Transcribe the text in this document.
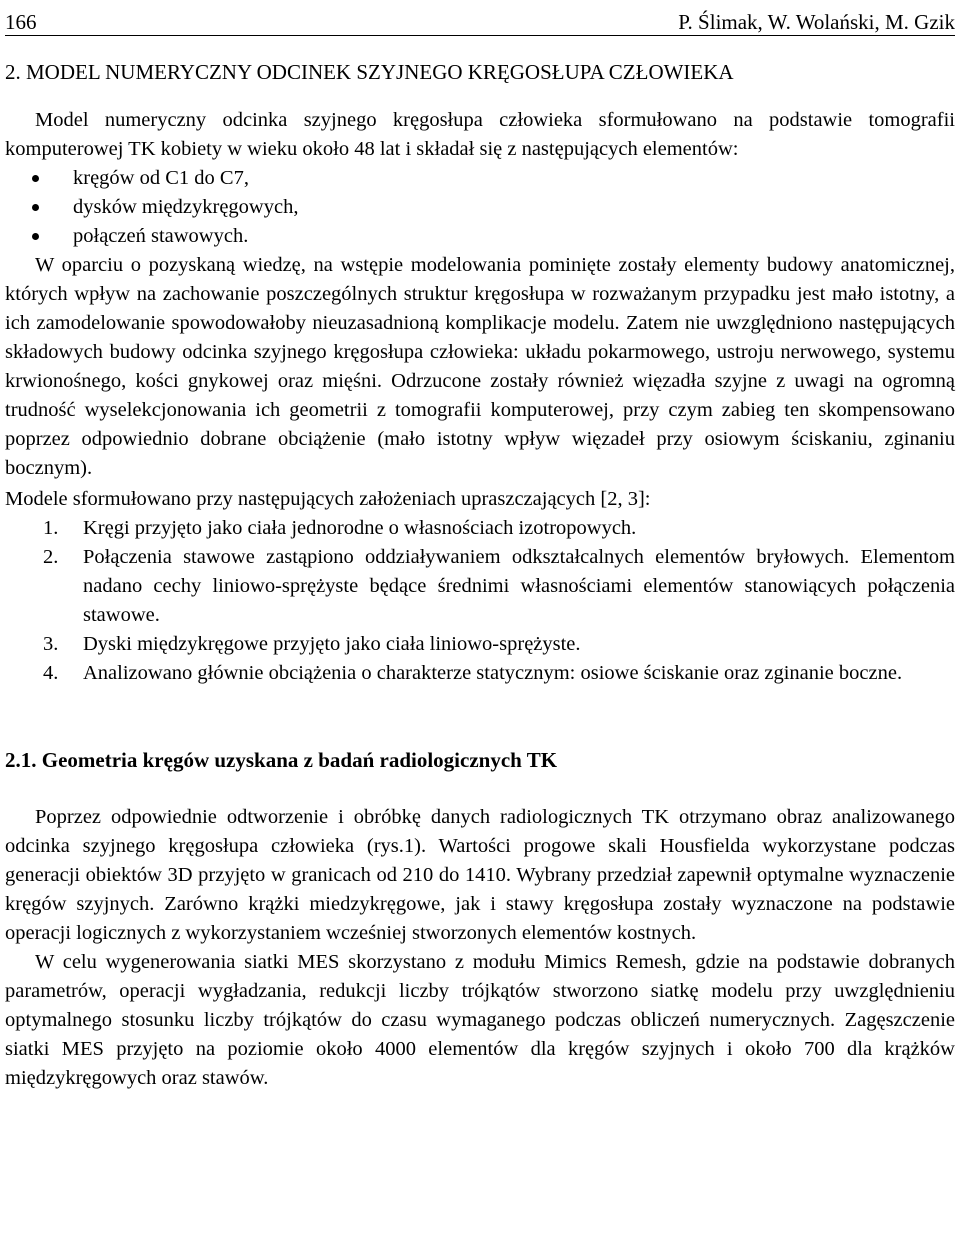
166	P. Ślimak, W. Wolański, M. Gzik
2. MODEL NUMERYCZNY ODCINEK SZYJNEGO KRĘGOSŁUPA CZŁOWIEKA

Model numeryczny odcinka szyjnego kręgosłupa człowieka sformułowano na podstawie tomografii komputerowej TK kobiety w wieku około 48 lat i składał się z następujących elementów:

kręgów od C1 do C7,
dysków międzykręgowych,
połączeń stawowych.

W oparciu o pozyskaną wiedzę, na wstępie modelowania pominięte zostały elementy budowy anatomicznej, których wpływ na zachowanie poszczególnych struktur kręgosłupa w rozważanym przypadku jest mało istotny, a ich zamodelowanie spowodowałoby nieuzasadnioną komplikacje modelu. Zatem nie uwzględniono następujących składowych budowy odcinka szyjnego kręgosłupa człowieka: układu pokarmowego, ustroju nerwowego, systemu krwionośnego, kości gnykowej oraz mięśni. Odrzucone zostały również więzadła szyjne z uwagi na ogromną trudność wyselekcjonowania ich geometrii z tomografii komputerowej, przy czym zabieg ten skompensowano poprzez odpowiednio dobrane obciążenie (mało istotny wpływ więzadeł przy osiowym ściskaniu, zginaniu bocznym).

Modele sformułowano przy następujących założeniach upraszczających [2, 3]:

1.	Kręgi przyjęto jako ciała jednorodne o własnościach izotropowych.
2.	Połączenia stawowe zastąpiono oddziaływaniem odkształcalnych elementów bryłowych. Elementom nadano cechy liniowo-sprężyste będące średnimi własnościami elementów stanowiących połączenia stawowe.
3.	Dyski międzykręgowe przyjęto jako ciała liniowo-sprężyste.
4.	Analizowano głównie obciążenia o charakterze statycznym: osiowe ściskanie oraz zginanie boczne.
2.1. Geometria kręgów uzyskana z badań radiologicznych TK

Poprzez odpowiednie odtworzenie i obróbkę danych radiologicznych TK otrzymano obraz analizowanego odcinka szyjnego kręgosłupa człowieka (rys.1). Wartości progowe skali Housfielda wykorzystane podczas generacji obiektów 3D przyjęto w granicach od 210 do 1410. Wybrany przedział zapewnił optymalne wyznaczenie kręgów szyjnych. Zarówno krążki miedzykręgowe, jak i stawy kręgosłupa zostały wyznaczone na podstawie operacji logicznych z wykorzystaniem wcześniej stworzonych elementów kostnych.

W celu wygenerowania siatki MES skorzystano z modułu Mimics Remesh, gdzie na podstawie dobranych parametrów, operacji wygładzania, redukcji liczby trójkątów stworzono siatkę modelu przy uwzględnieniu optymalnego stosunku liczby trójkątów do czasu wymaganego podczas obliczeń numerycznych. Zagęszczenie siatki MES przyjęto na poziomie około 4000 elementów dla kręgów szyjnych i około 700 dla krążków międzykręgowych oraz stawów.
